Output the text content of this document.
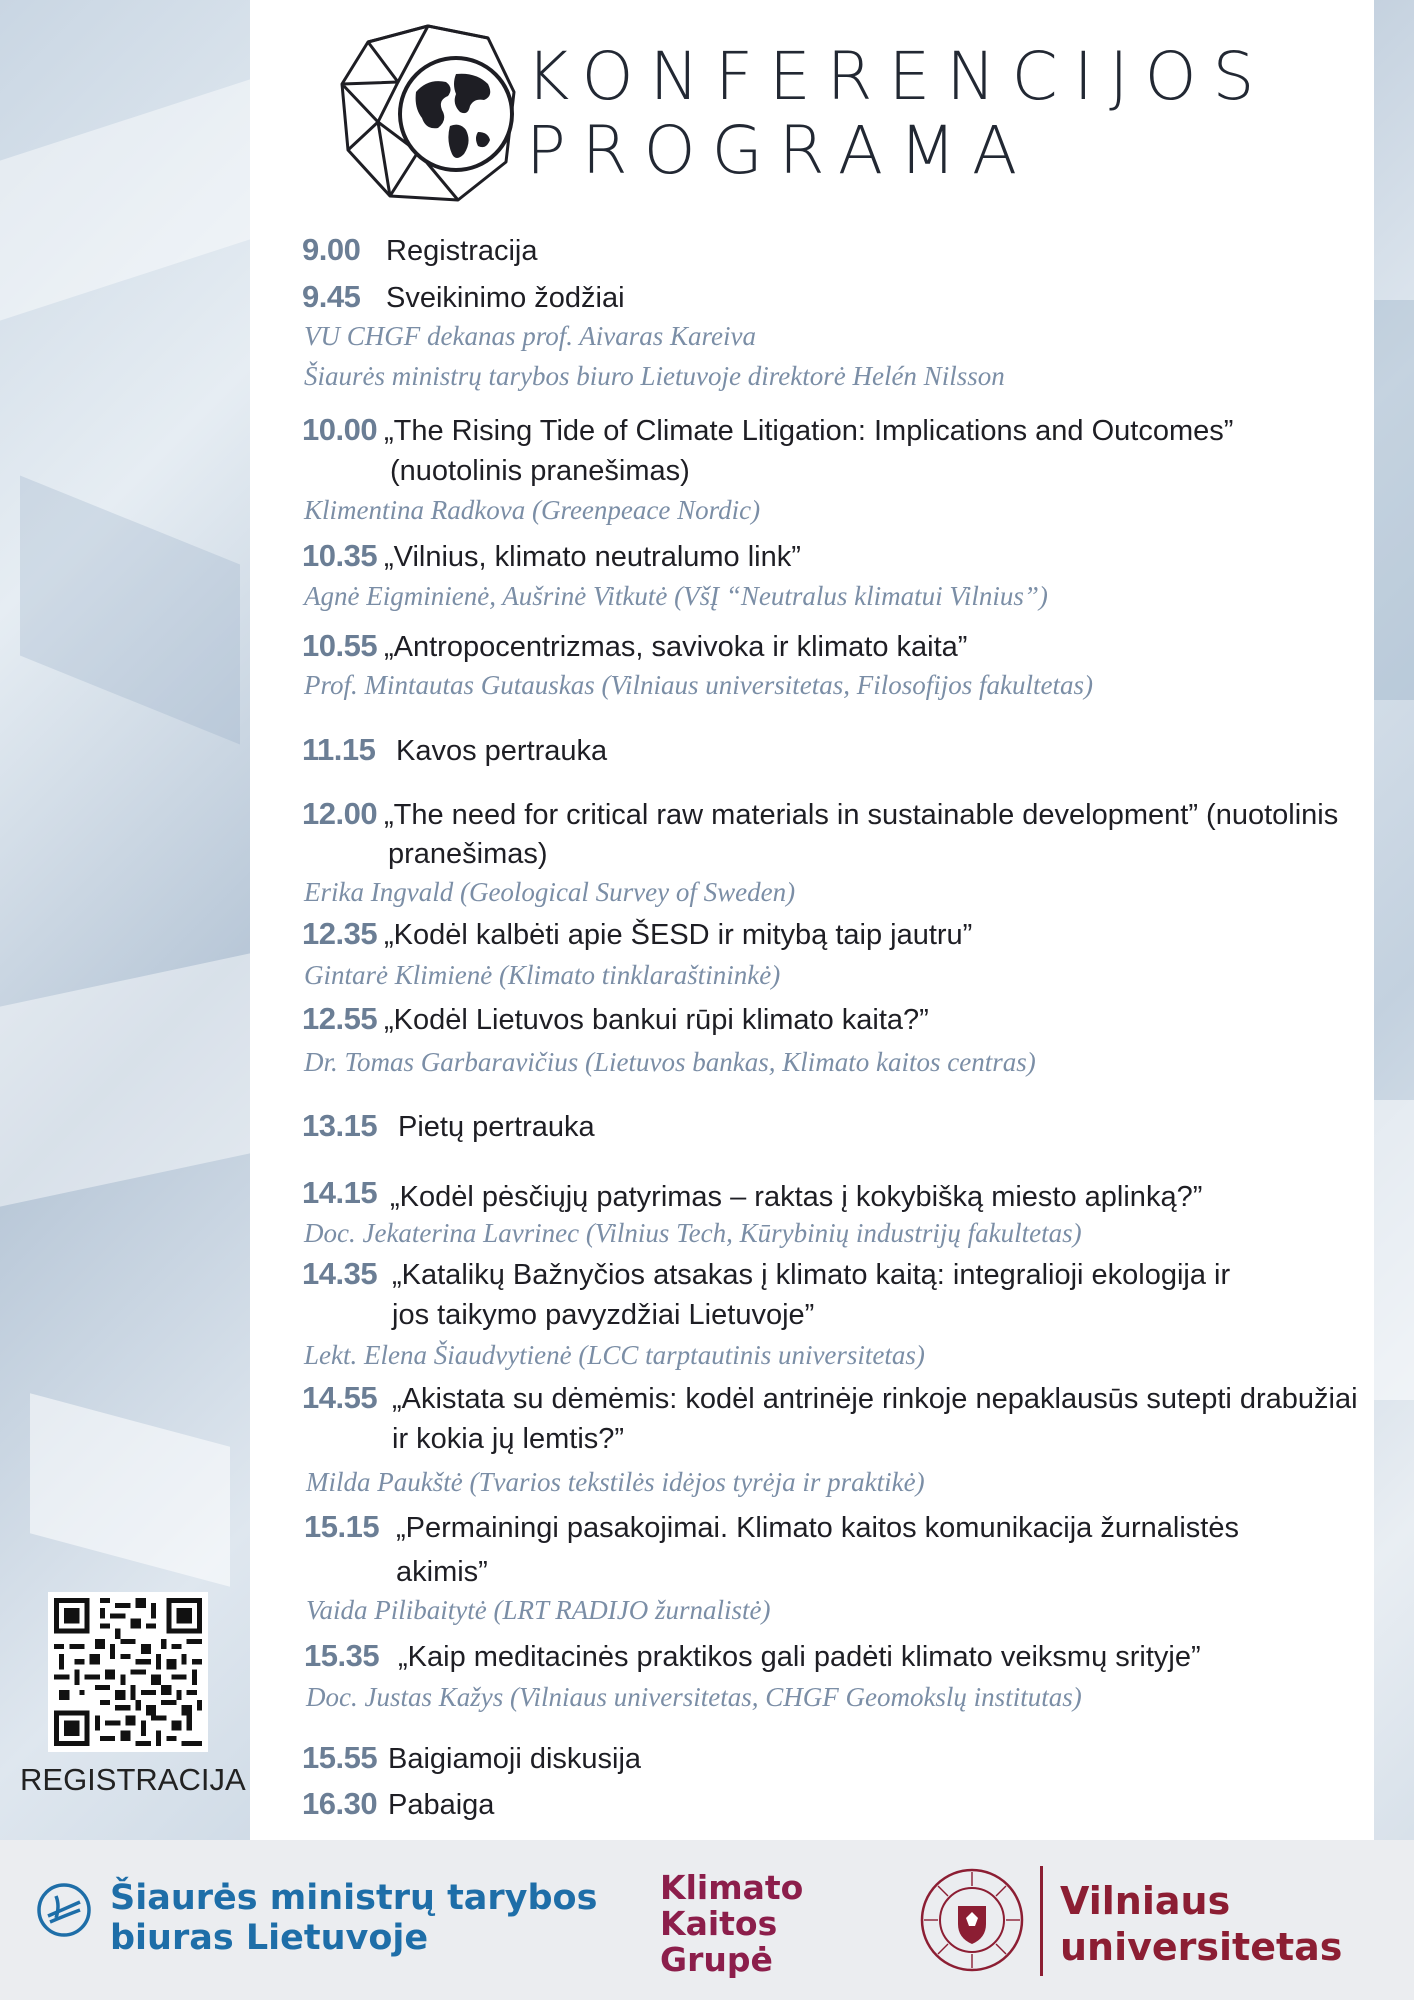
KONFERENCIJOS
PROGRAMA
9.00 Registracija
9.45 Sveikinimo žodžiai
VU CHGF dekanas prof. Aivaras Kareiva
Šiaurės ministrų tarybos biuro Lietuvoje direktorė Helén Nilsson
10.00 „The Rising Tide of Climate Litigation: Implications and Outcomes”
(nuotolinis pranešimas)
Klimentina Radkova (Greenpeace Nordic)
10.35 „Vilnius, klimato neutralumo link”
Agnė Eigminienė, Aušrinė Vitkutė (VšĮ “Neutralus klimatui Vilnius”)
10.55 „Antropocentrizmas, savivoka ir klimato kaita”
Prof. Mintautas Gutauskas (Vilniaus universitetas, Filosofijos fakultetas)
11.15 Kavos pertrauka
12.00 „The need for critical raw materials in sustainable development” (nuotolinis
pranešimas)
Erika Ingvald (Geological Survey of Sweden)
12.35 „Kodėl kalbėti apie ŠESD ir mitybą taip jautru”
Gintarė Klimienė (Klimato tinklaraštininkė)
12.55 „Kodėl Lietuvos bankui rūpi klimato kaita?”
Dr. Tomas Garbaravičius (Lietuvos bankas, Klimato kaitos centras)
13.15 Pietų pertrauka
14.15 „Kodėl pėsčiųjų patyrimas – raktas į kokybišką miesto aplinką?”
Doc. Jekaterina Lavrinec (Vilnius Tech, Kūrybinių industrijų fakultetas)
14.35 „Katalikų Bažnyčios atsakas į klimato kaitą: integralioji ekologija ir
jos taikymo pavyzdžiai Lietuvoje”
Lekt. Elena Šiaudvytienė (LCC tarptautinis universitetas)
14.55 „Akistata su dėmėmis: kodėl antrinėje rinkoje nepaklausūs sutepti drabužiai
ir kokia jų lemtis?”
Milda Paukštė (Tvarios tekstilės idėjos tyrėja ir praktikė)
15.15 „Permainingi pasakojimai. Klimato kaitos komunikacija žurnalistės
akimis”
Vaida Pilibaitytė (LRT RADIJO žurnalistė)
15.35 „Kaip meditacinės praktikos gali padėti klimato veiksmų srityje”
Doc. Justas Kažys (Vilniaus universitetas, CHGF Geomokslų institutas)
15.55 Baigiamoji diskusija
16.30 Pabaiga
REGISTRACIJA
Šiaurės ministrų tarybos
biuras Lietuvoje
Klimato
Kaitos
Grupė
Vilniaus
universitetas
